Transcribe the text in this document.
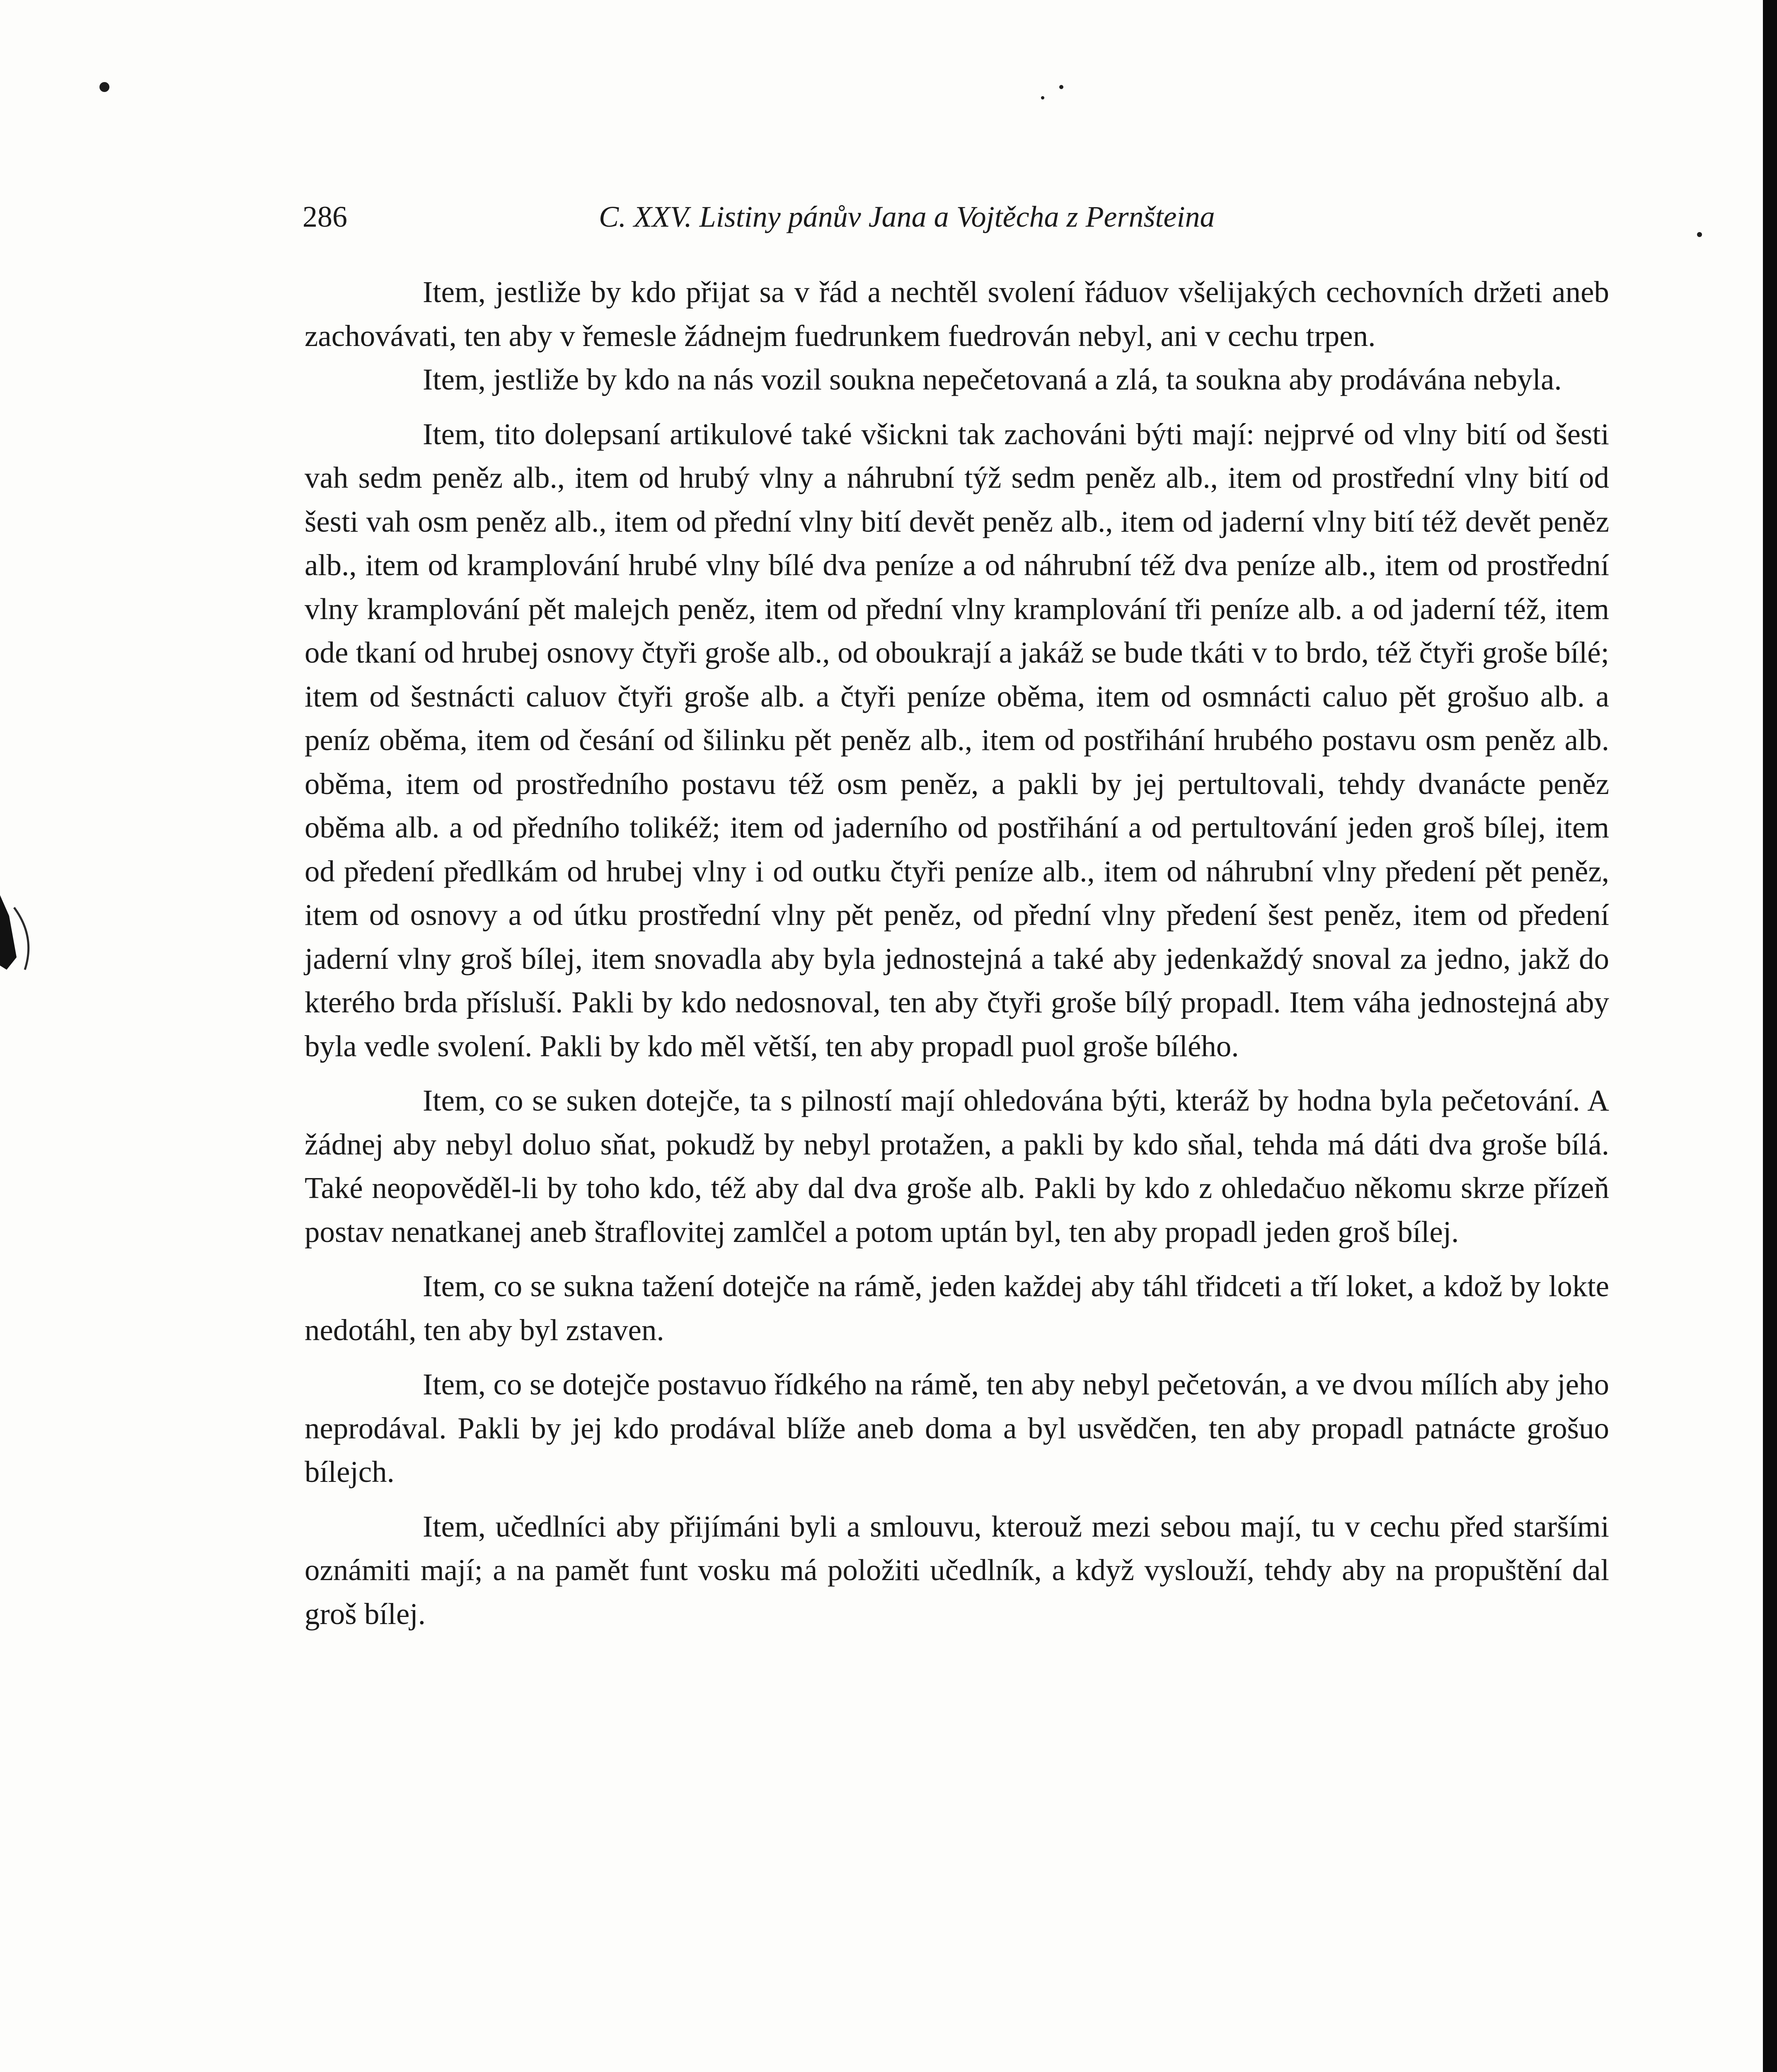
286	C. XXV. Listiny pánův Jana a Vojtěcha z Pernšteina

Item, jestliže by kdo přijat sa v řád a nechtěl svolení řáduov všelijakých cechovních držeti aneb zachovávati, ten aby v řemesle žádnejm fuedrunkem fuedrován nebyl, ani v cechu trpen.

Item, jestliže by kdo na nás vozil soukna nepečetovaná a zlá, ta soukna aby prodávána nebyla.

Item, tito dolepsaní artikulové také všickni tak zachováni býti mají: nejprvé od vlny bití od šesti vah sedm peněz alb., item od hrubý vlny a náhrubní týž sedm peněz alb., item od prostřední vlny bití od šesti vah osm peněz alb., item od přední vlny bití devět peněz alb., item od jaderní vlny bití též devět peněz alb., item od kramplování hrubé vlny bílé dva peníze a od náhrubní též dva peníze alb., item od prostřední vlny kramplování pět malejch peněz, item od přední vlny kramplování tři peníze alb. a od jaderní též, item ode tkaní od hrubej osnovy čtyři groše alb., od oboukrají a jakáž se bude tkáti v to brdo, též čtyři groše bílé; item od šestnácti caluov čtyři groše alb. a čtyři peníze oběma, item od osmnácti caluo pět grošuo alb. a peníz oběma, item od česání od šilinku pět peněz alb., item od postřihání hrubého postavu osm peněz alb. oběma, item od prostředního postavu též osm peněz, a pakli by jej pertultovali, tehdy dvanácte peněz oběma alb. a od předního tolikéž; item od jaderního od postřihání a od pertultování jeden groš bílej, item od předení předlkám od hrubej vlny i od outku čtyři peníze alb., item od náhrubní vlny předení pět peněz, item od osnovy a od útku prostřední vlny pět peněz, od přední vlny předení šest peněz, item od předení jaderní vlny groš bílej, item snovadla aby byla jednostejná a také aby jedenkaždý snoval za jedno, jakž do kterého brda přísluší. Pakli by kdo nedosnoval, ten aby čtyři groše bílý propadl. Item váha jednostejná aby byla vedle svolení. Pakli by kdo měl větší, ten aby propadl puol groše bílého.

Item, co se suken dotejče, ta s pilností mají ohledována býti, kteráž by hodna byla pečetování. A žádnej aby nebyl doluo sňat, pokudž by nebyl protažen, a pakli by kdo sňal, tehda má dáti dva groše bílá. Také neopověděl-li by toho kdo, též aby dal dva groše alb. Pakli by kdo z ohledačuo někomu skrze přízeň postav nenatkanej aneb štraflovitej zamlčel a potom uptán byl, ten aby propadl jeden groš bílej.

Item, co se sukna tažení dotejče na rámě, jeden každej aby táhl třidceti a tří loket, a kdož by lokte nedotáhl, ten aby byl zstaven.

Item, co se dotejče postavuo řídkého na rámě, ten aby nebyl pečetován, a ve dvou mílích aby jeho neprodával. Pakli by jej kdo prodával blíže aneb doma a byl usvědčen, ten aby propadl patnácte grošuo bílejch.

Item, učedlníci aby přijímáni byli a smlouvu, kterouž mezi sebou mají, tu v cechu před staršími oznámiti mají; a na pamět funt vosku má položiti učedlník, a když vyslouží, tehdy aby na propuštění dal groš bílej.
